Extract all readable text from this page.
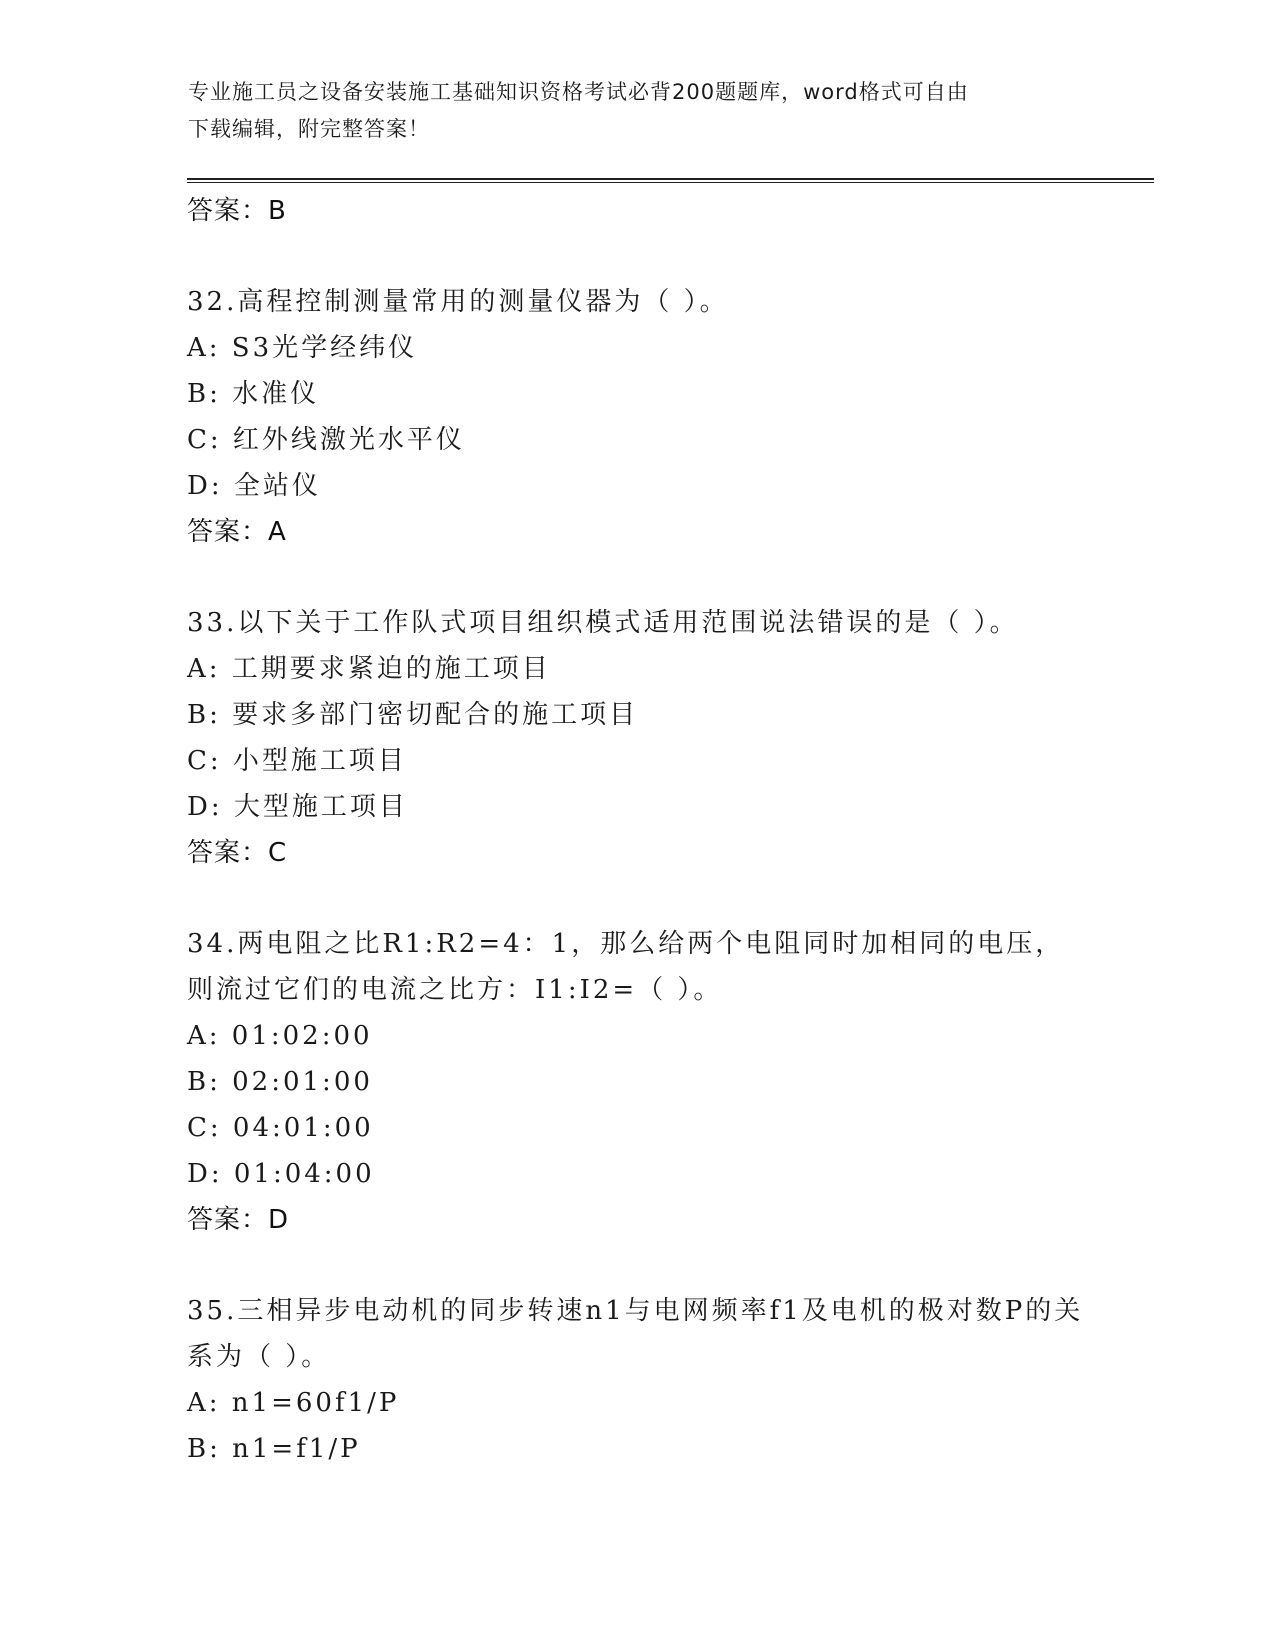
专业施工员之设备安装施工基础知识资格考试必背200题题库，word格式可自由
下载编辑，附完整答案！
答案：B
32.高程控制测量常用的测量仪器为（ ）。
A: S3光学经纬仪
B: 水准仪
C: 红外线激光水平仪
D: 全站仪
答案：A
33.以下关于工作队式项目组织模式适用范围说法错误的是（ ）。
A: 工期要求紧迫的施工项目
B: 要求多部门密切配合的施工项目
C: 小型施工项目
D: 大型施工项目
答案：C
34.两电阻之比R1:R2=4：1，那么给两个电阻同时加相同的电压，则流过它们的电流之比方：I1:I2=（ ）。
A: 01:02:00
B: 02:01:00
C: 04:01:00
D: 01:04:00
答案：D
35.三相异步电动机的同步转速n1与电网频率f1及电机的极对数P的关系为（ ）。
A: n1=60f1/P
B: n1=f1/P
